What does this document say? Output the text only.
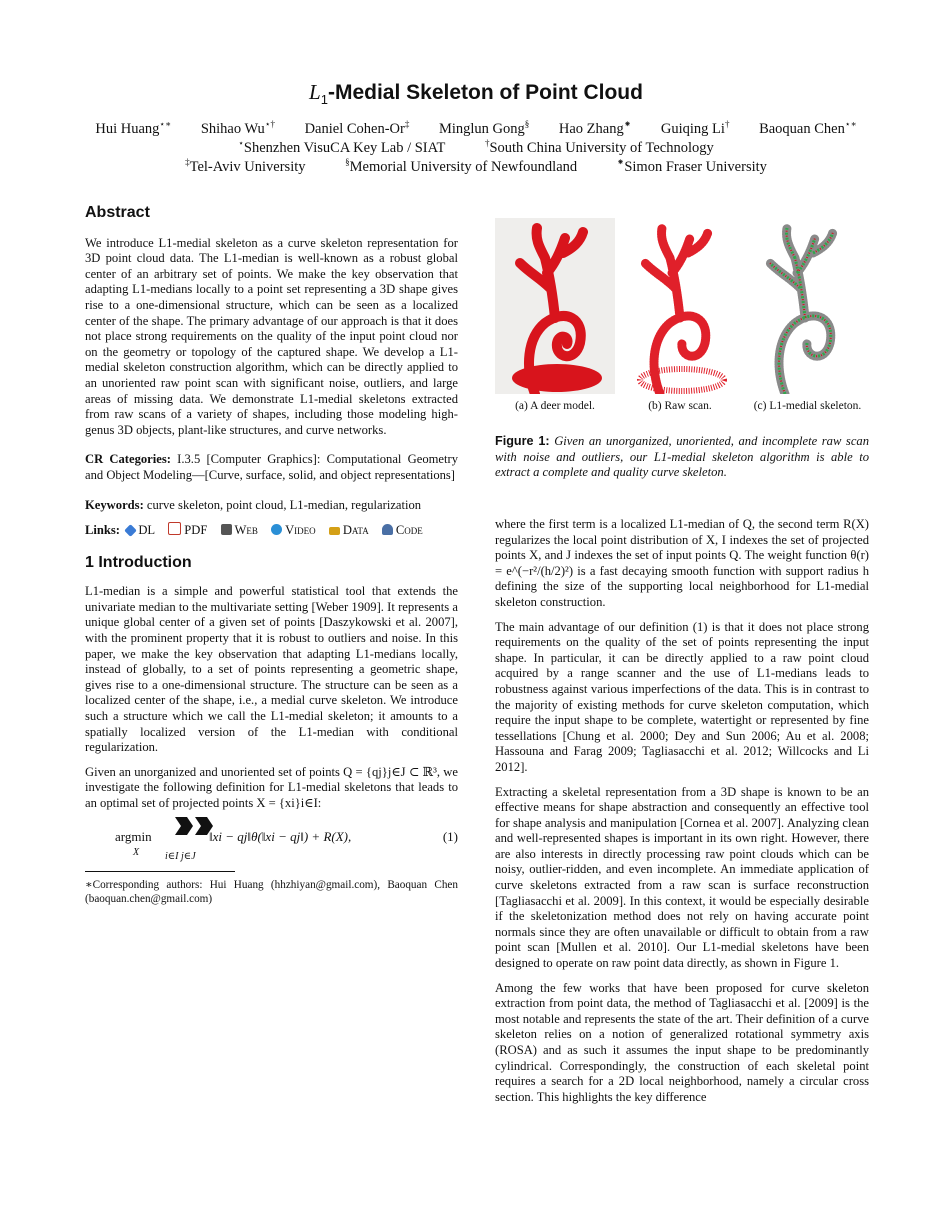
$L_1$-Medial Skeleton of Point Cloud
Hui Huang⋆∗ Shihao Wu⋆† Daniel Cohen-Or‡ Minglun Gong§ Hao Zhang⁕ Guiqing Li† Baoquan Chen⋆∗
⋆Shenzhen VisuCA Key Lab / SIAT	†South China University of Technology
‡Tel-Aviv University	§Memorial University of Newfoundland	⁕Simon Fraser University
Abstract

We introduce L1-medial skeleton as a curve skeleton representation for 3D point cloud data. The L1-median is well-known as a robust global center of an arbitrary set of points. We make the key observation that adapting L1-medians locally to a point set representing a 3D shape gives rise to a one-dimensional structure, which can be seen as a localized center of the shape. The primary advantage of our approach is that it does not place strong requirements on the quality of the input point cloud nor on the geometry or topology of the captured shape. We develop a L1-medial skeleton construction algorithm, which can be directly applied to an unoriented raw point scan with significant noise, outliers, and large areas of missing data. We demonstrate L1-medial skeletons extracted from raw scans of a variety of shapes, including those modeling high-genus 3D objects, plant-like structures, and curve networks.

CR Categories: I.3.5 [Computer Graphics]: Computational Geometry and Object Modeling—[Curve, surface, solid, and object representations]

Keywords: curve skeleton, point cloud, L1-median, regularization

Links: DL PDF Web Video Data Code

1 Introduction

L1-median is a simple and powerful statistical tool that extends the univariate median to the multivariate setting [Weber 1909]. It represents a unique global center of a given set of points [Daszykowski et al. 2007], with the prominent property that it is robust to outliers and noise. In this paper, we make the key observation that adapting L1-medians locally, instead of globally, to a set of points representing a geometric shape, gives rise to a one-dimensional structure. The structure can be seen as a localized center of the shape, i.e., a medial curve skeleton. We introduce such a structure which we call the L1-medial skeleton; it amounts to a spatially localized version of the L1-median with conditional regularization.

Given an unorganized and unoriented set of points Q = {qj}j∈J ⊂ ℝ³, we investigate the following definition for L1-medial skeletons that leads to an optimal set of projected points X = {xi}i∈I:

argmin
X	i∈I j∈J
‖xi − qj‖θ(‖xi − qj‖) + R(X),	(1)
∗Corresponding authors: Hui Huang (hhzhiyan@gmail.com), Baoquan Chen (baoquan.chen@gmail.com)
(a) A deer model.	(b) Raw scan.	(c) L1-medial skeleton.

Figure 1: Given an unorganized, unoriented, and incomplete raw scan with noise and outliers, our L1-medial skeleton algorithm is able to extract a complete and quality curve skeleton.

where the first term is a localized L1-median of Q, the second term R(X) regularizes the local point distribution of X, I indexes the set of projected points X, and J indexes the set of input points Q. The weight function θ(r) = e^(−r²/(h/2)²) is a fast decaying smooth function with support radius h defining the size of the supporting local neighborhood for L1-medial skeleton construction.

The main advantage of our definition (1) is that it does not place strong requirements on the quality of the set of points representing the input shape. In particular, it can be directly applied to a raw point cloud acquired by a range scanner and the use of L1-medians leads to robustness against various imperfections of the data. This is in contrast to the majority of existing methods for curve skeleton computation, which require the input shape to be complete, watertight or represented by fine tessellations [Chung et al. 2000; Dey and Sun 2006; Au et al. 2008; Hassouna and Farag 2009; Tagliasacchi et al. 2012; Willcocks and Li 2012].

Extracting a skeletal representation from a 3D shape is known to be an effective means for shape abstraction and consequently an effective tool for shape analysis and manipulation [Cornea et al. 2007]. Analyzing clean and well-represented shapes is important in its own right. However, there are also interests in directly processing raw point clouds which can be noisy, outlier-ridden, and even incomplete. An immediate application of curve skeletons extracted from a raw scan is surface reconstruction [Tagliasacchi et al. 2009]. In this context, it would be especially desirable if the skeletonization method does not rely on having accurate point normals since they are often unavailable or difficult to obtain from a raw point scan [Mullen et al. 2010]. Our L1-medial skeletons have been designed to operate on raw point data directly, as shown in Figure 1.

Among the few works that have been proposed for curve skeleton extraction from point data, the method of Tagliasacchi et al. [2009] is the most notable and represents the state of the art. Their definition of a curve skeleton relies on a notion of generalized rotational symmetry axis (ROSA) and as such it assumes the input shape to be predominantly cylindrical. Correspondingly, the construction of each skeletal point requires a search for a 2D local neighborhood, namely a circular cross section. This highlights the key difference
